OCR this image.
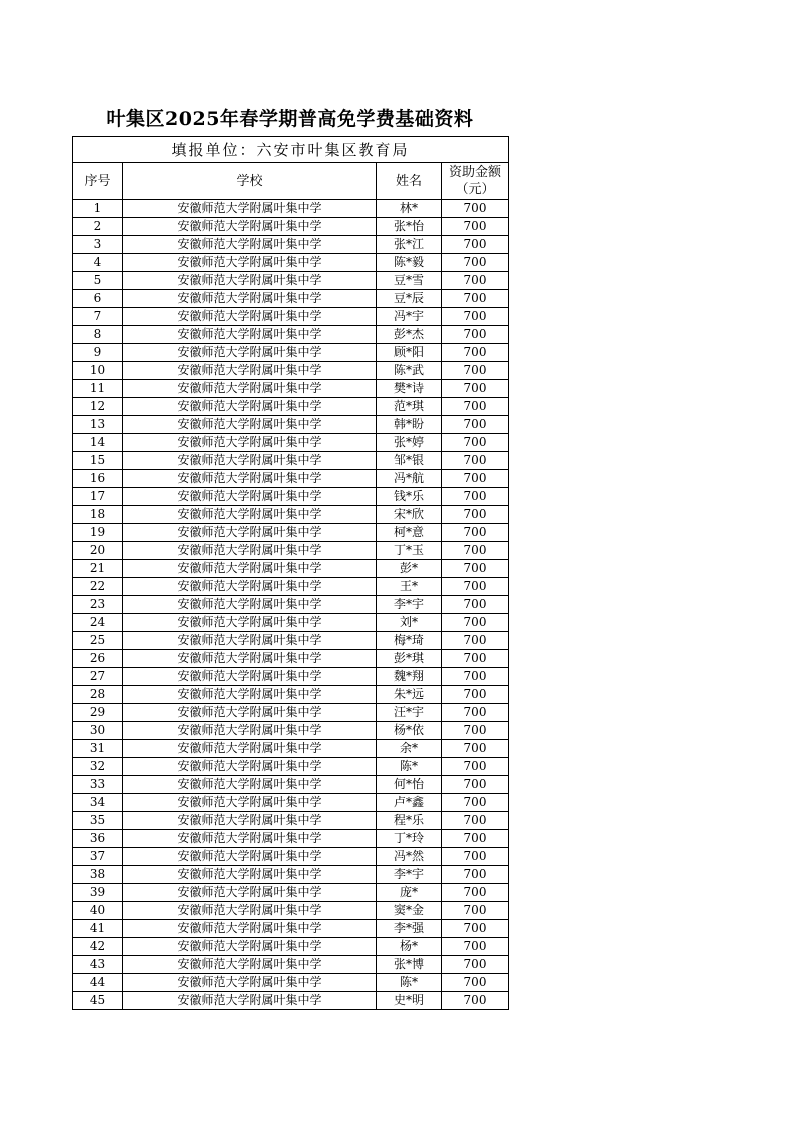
叶集区2025年春学期普高免学费基础资料
填报单位：六安市叶集区教育局			
序号	学校	姓名	资助金额
（元）
1	安徽师范大学附属叶集中学	林*	700
2	安徽师范大学附属叶集中学	张*怡	700
3	安徽师范大学附属叶集中学	张*江	700
4	安徽师范大学附属叶集中学	陈*毅	700
5	安徽师范大学附属叶集中学	豆*雪	700
6	安徽师范大学附属叶集中学	豆*辰	700
7	安徽师范大学附属叶集中学	冯*宇	700
8	安徽师范大学附属叶集中学	彭*杰	700
9	安徽师范大学附属叶集中学	顾*阳	700
10	安徽师范大学附属叶集中学	陈*武	700
11	安徽师范大学附属叶集中学	樊*诗	700
12	安徽师范大学附属叶集中学	范*琪	700
13	安徽师范大学附属叶集中学	韩*盼	700
14	安徽师范大学附属叶集中学	张*婷	700
15	安徽师范大学附属叶集中学	邹*银	700
16	安徽师范大学附属叶集中学	冯*航	700
17	安徽师范大学附属叶集中学	钱*乐	700
18	安徽师范大学附属叶集中学	宋*欣	700
19	安徽师范大学附属叶集中学	柯*意	700
20	安徽师范大学附属叶集中学	丁*玉	700
21	安徽师范大学附属叶集中学	彭*	700
22	安徽师范大学附属叶集中学	王*	700
23	安徽师范大学附属叶集中学	李*宇	700
24	安徽师范大学附属叶集中学	刘*	700
25	安徽师范大学附属叶集中学	梅*琦	700
26	安徽师范大学附属叶集中学	彭*琪	700
27	安徽师范大学附属叶集中学	魏*翔	700
28	安徽师范大学附属叶集中学	朱*远	700
29	安徽师范大学附属叶集中学	汪*宇	700
30	安徽师范大学附属叶集中学	杨*依	700
31	安徽师范大学附属叶集中学	余*	700
32	安徽师范大学附属叶集中学	陈*	700
33	安徽师范大学附属叶集中学	何*怡	700
34	安徽师范大学附属叶集中学	卢*鑫	700
35	安徽师范大学附属叶集中学	程*乐	700
36	安徽师范大学附属叶集中学	丁*玲	700
37	安徽师范大学附属叶集中学	冯*然	700
38	安徽师范大学附属叶集中学	李*宇	700
39	安徽师范大学附属叶集中学	庞*	700
40	安徽师范大学附属叶集中学	窦*金	700
41	安徽师范大学附属叶集中学	李*强	700
42	安徽师范大学附属叶集中学	杨*	700
43	安徽师范大学附属叶集中学	张*博	700
44	安徽师范大学附属叶集中学	陈*	700
45	安徽师范大学附属叶集中学	史*明	700
